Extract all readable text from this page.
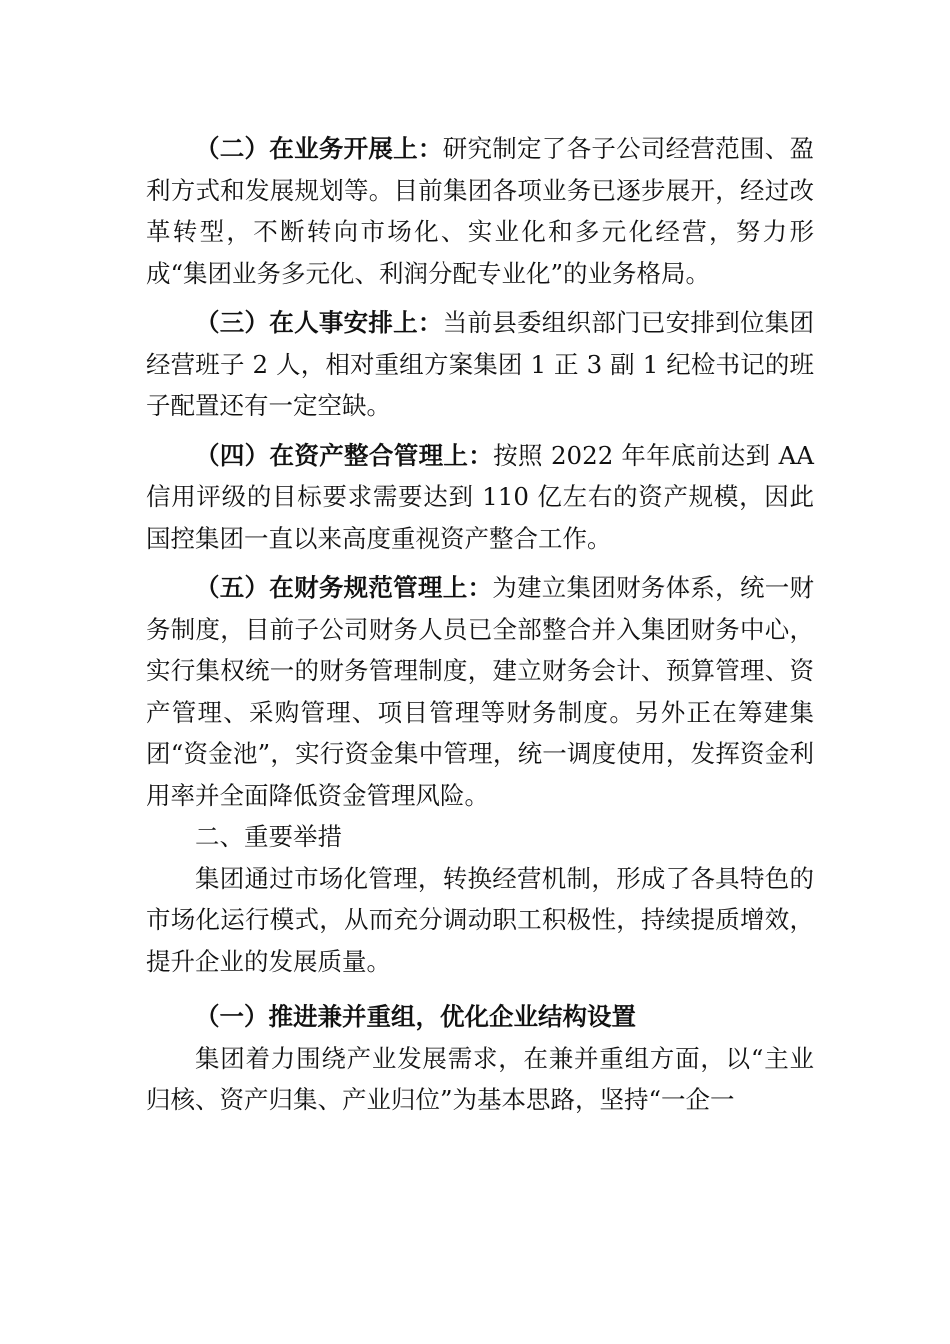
（二）在业务开展上：研究制定了各子公司经营范围、盈利方式和发展规划等。目前集团各项业务已逐步展开，经过改革转型，不断转向市场化、实业化和多元化经营，努力形成“集团业务多元化、利润分配专业化”的业务格局。

（三）在人事安排上：当前县委组织部门已安排到位集团经营班子 2 人，相对重组方案集团 1 正 3 副 1 纪检书记的班子配置还有一定空缺。

（四）在资产整合管理上：按照 2022 年年底前达到 AA 信用评级的目标要求需要达到 110 亿左右的资产规模，因此国控集团一直以来高度重视资产整合工作。

（五）在财务规范管理上：为建立集团财务体系，统一财务制度，目前子公司财务人员已全部整合并入集团财务中心，实行集权统一的财务管理制度，建立财务会计、预算管理、资产管理、采购管理、项目管理等财务制度。另外正在筹建集团“资金池”，实行资金集中管理，统一调度使用，发挥资金利用率并全面降低资金管理风险。

二、重要举措

集团通过市场化管理，转换经营机制，形成了各具特色的市场化运行模式，从而充分调动职工积极性，持续提质增效，提升企业的发展质量。

（一）推进兼并重组，优化企业结构设置

集团着力围绕产业发展需求，在兼并重组方面，以“主业归核、资产归集、产业归位”为基本思路，坚持“一企一
